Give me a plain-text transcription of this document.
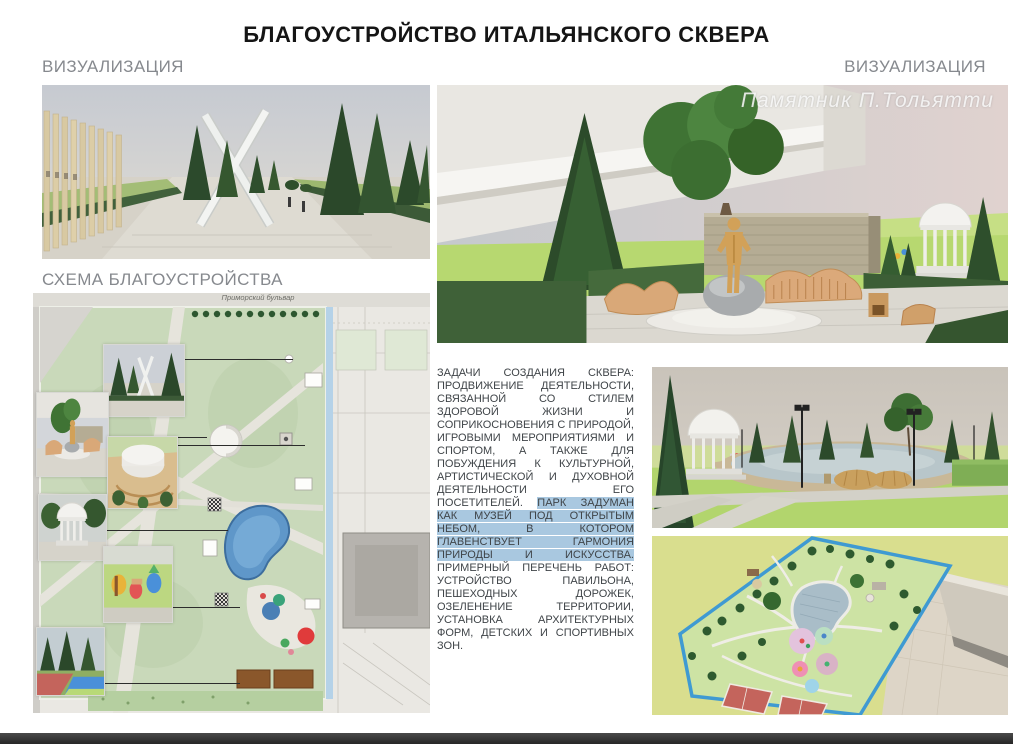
БЛАГОУСТРОЙСТВО ИТАЛЬЯНСКОГО СКВЕРА
ВИЗУАЛИЗАЦИЯ	ВИЗУАЛИЗАЦИЯ
Памятник П.Тольятти
СХЕМА БЛАГОУСТРОЙСТВА
Приморский бульвар
ЗАДАЧИ СОЗДАНИЯ СКВЕРА: ПРОДВИЖЕНИЕ ДЕЯТЕЛЬНОСТИ, СВЯЗАННОЙ СО СТИЛЕМ ЗДОРОВОЙ ЖИЗНИ И СОПРИКОСНОВЕНИЯ С ПРИРОДОЙ, ИГРОВЫМИ МЕРОПРИЯТИЯМИ И СПОРТОМ, А ТАКЖЕ ДЛЯ ПОБУЖДЕНИЯ К КУЛЬТУРНОЙ, АРТИСТИЧЕСКОЙ И ДУХОВНОЙ ДЕЯТЕЛЬНОСТИ ЕГО ПОСЕТИТЕЛЕЙ. ПАРК ЗАДУМАН КАК МУЗЕЙ ПОД ОТКРЫТЫМ НЕБОМ, В КОТОРОМ ГЛАВЕНСТВУЕТ ГАРМОНИЯ ПРИРОДЫ И ИСКУССТВА. ПРИМЕРНЫЙ ПЕРЕЧЕНЬ РАБОТ: УСТРОЙСТВО ПАВИЛЬОНА, ПЕШЕХОДНЫХ ДОРОЖЕК, ОЗЕЛЕНЕНИЕ ТЕРРИТОРИИ, УСТАНОВКА АРХИТЕКТУРНЫХ ФОРМ, ДЕТСКИХ И СПОРТИВНЫХ ЗОН.
